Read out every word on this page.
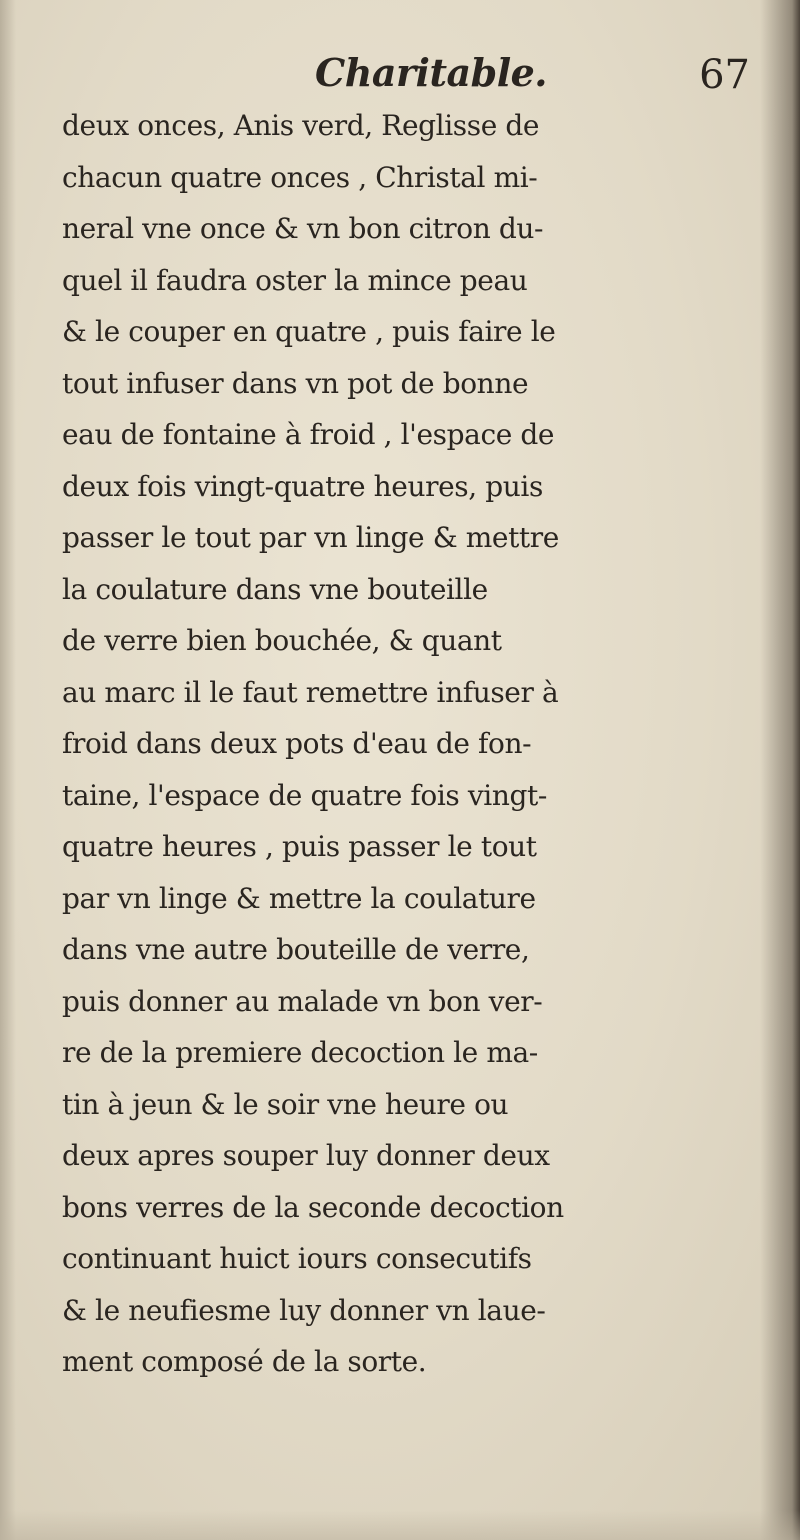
Charitable.	67
deux onces, Anis verd, Reglisse de
chacun quatre onces , Christal mi-
neral vne once & vn bon citron du-
quel il faudra oster la mince peau
& le couper en quatre , puis faire le
tout infuser dans vn pot de bonne
eau de fontaine à froid , l'espace de
deux fois vingt-quatre heures, puis
passer le tout par vn linge & mettre
la coulature dans vne bouteille
de verre bien bouchée, & quant
au marc il le faut remettre infuser à
froid dans deux pots d'eau de fon-
taine, l'espace de quatre fois vingt-
quatre heures , puis passer le tout
par vn linge & mettre la coulature
dans vne autre bouteille de verre,
puis donner au malade vn bon ver-
re de la premiere decoction le ma-
tin à jeun & le soir vne heure ou
deux apres souper luy donner deux
bons verres de la seconde decoction
continuant huict iours consecutifs
& le neufiesme luy donner vn laue-
ment composé de la sorte.
